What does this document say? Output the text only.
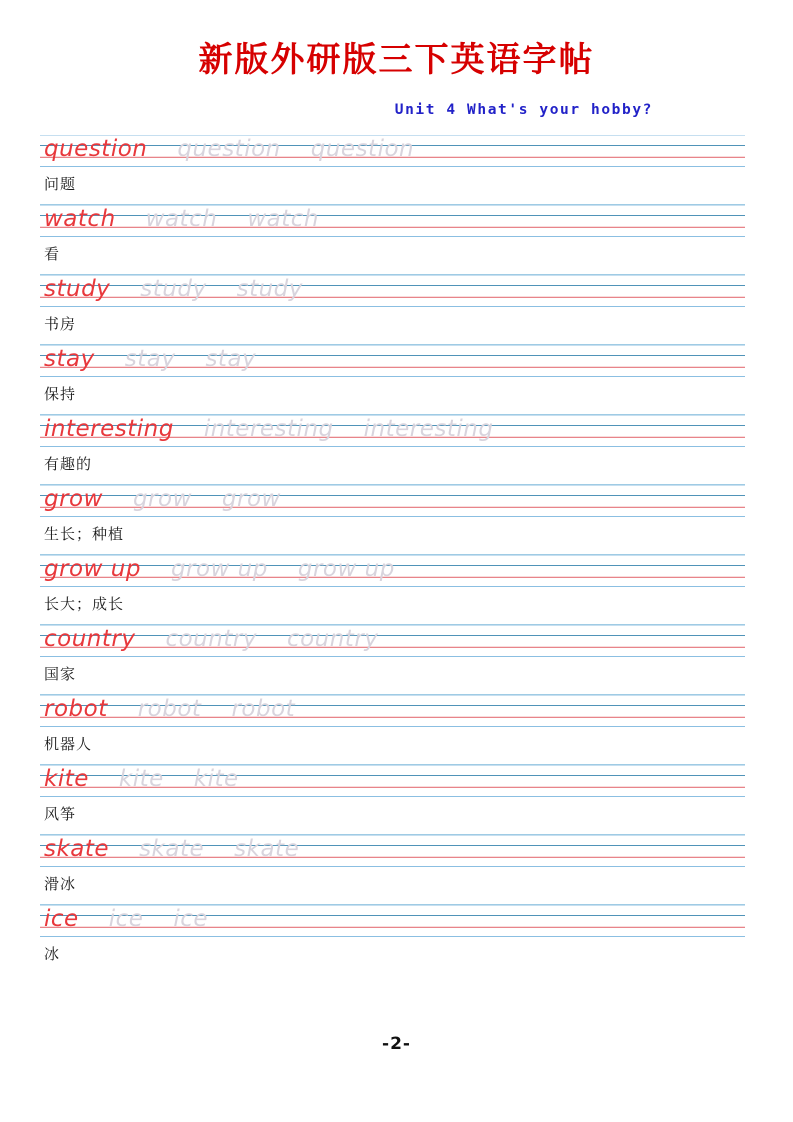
新版外研版三下英语字帖
Unit 4 What's your hobby?
question question question
问题
watch watch watch
看
study study study
书房
stay stay stay
保持
interesting interesting interesting
有趣的
grow grow grow
生长；种植
grow up grow up grow up
长大；成长
country country country
国家
robot robot robot
机器人
kite kite kite
风筝
skate skate skate
滑冰
ice ice ice
冰
-2-
